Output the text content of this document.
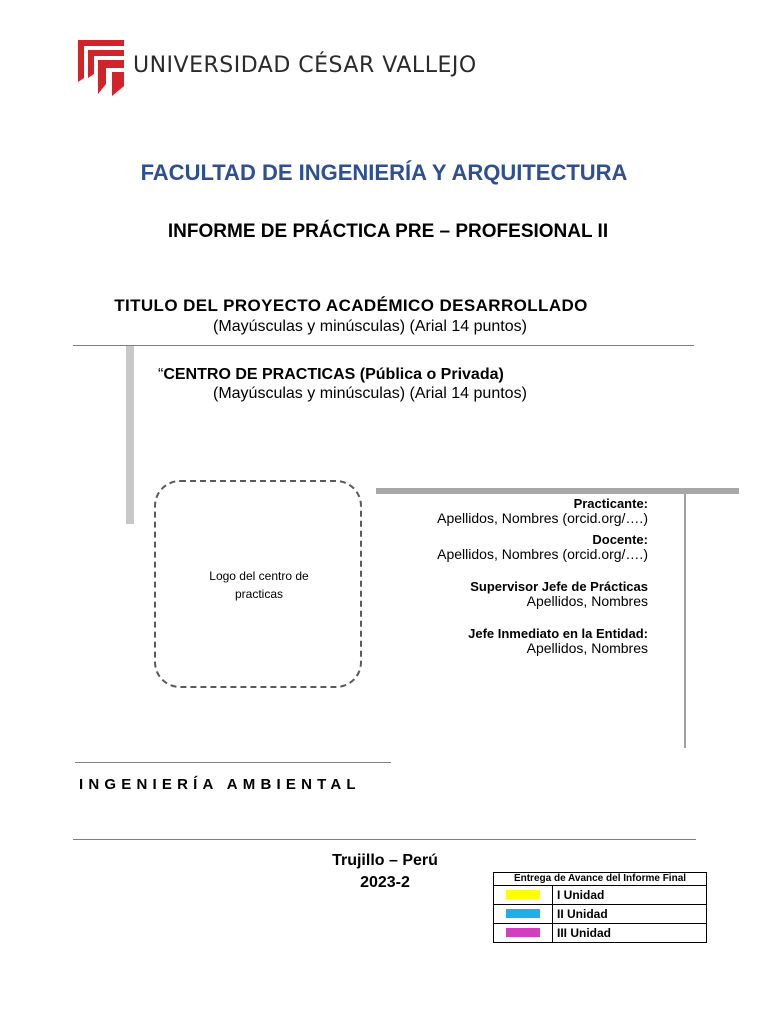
UNIVERSIDAD CÉSAR VALLEJO
FACULTAD DE INGENIERÍA Y ARQUITECTURA
INFORME DE PRÁCTICA PRE – PROFESIONAL II
TITULO DEL PROYECTO ACADÉMICO DESARROLLADO
(Mayúsculas y minúsculas) (Arial 14 puntos)
“CENTRO DE PRACTICAS (Pública o Privada)
(Mayúsculas y minúsculas) (Arial 14 puntos)
Logo del centro de
practicas
Practicante:
Apellidos, Nombres (orcid.org/….)
Docente:
Apellidos, Nombres (orcid.org/….)
Supervisor Jefe de Prácticas
Apellidos, Nombres
Jefe Inmediato en la Entidad:
Apellidos, Nombres
INGENIERÍA AMBIENTAL
Trujillo – Perú
2023-2	Entrega de Avance del Informe Final	
	I Unidad
	II Unidad
	III Unidad
